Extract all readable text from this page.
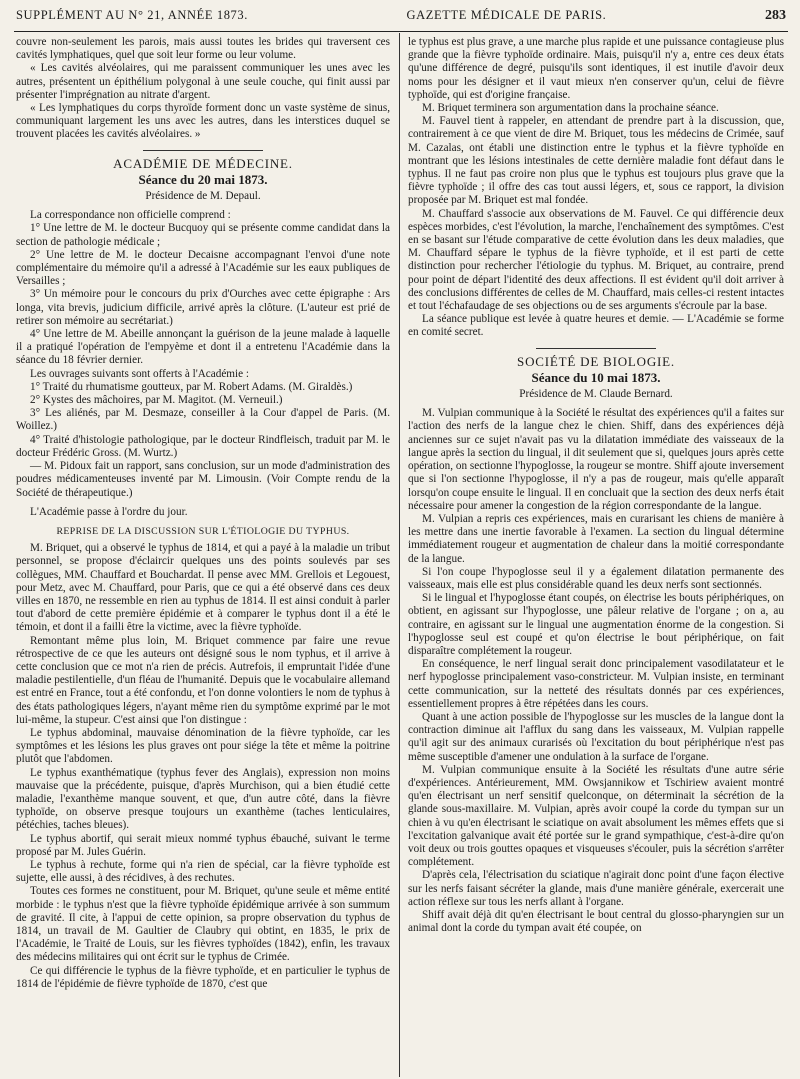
SUPPLÉMENT AU N° 21, ANNÉE 1873.	GAZETTE MÉDICALE DE PARIS.	283

couvre non-seulement les parois, mais aussi toutes les brides qui traversent ces cavités lymphatiques, quel que soit leur forme ou leur volume.

« Les cavités alvéolaires, qui me paraissent communiquer les unes avec les autres, présentent un épithélium polygonal à une seule couche, qui finit aussi par présenter l'imprégnation au nitrate d'argent.

« Les lymphatiques du corps thyroïde forment donc un vaste système de sinus, communiquant largement les uns avec les autres, dans les interstices duquel se trouvent placées les cavités alvéolaires. »

ACADÉMIE DE MÉDECINE.
Séance du 20 mai 1873.
Présidence de M. Depaul.

La correspondance non officielle comprend :

1° Une lettre de M. le docteur Bucquoy qui se présente comme candidat dans la section de pathologie médicale ;

2° Une lettre de M. le docteur Decaisne accompagnant l'envoi d'une note complémentaire du mémoire qu'il a adressé à l'Académie sur les eaux publiques de Versailles ;

3° Un mémoire pour le concours du prix d'Ourches avec cette épigraphe : Ars longa, vita brevis, judicium difficile, arrivé après la clôture. (L'auteur est prié de retirer son mémoire au secrétariat.)

4° Une lettre de M. Abeille annonçant la guérison de la jeune malade à laquelle il a pratiqué l'opération de l'empyème et dont il a entretenu l'Académie dans la séance du 18 février dernier.

Les ouvrages suivants sont offerts à l'Académie :

1° Traité du rhumatisme goutteux, par M. Robert Adams. (M. Giraldès.)

2° Kystes des mâchoires, par M. Magitot. (M. Verneuil.)

3° Les aliénés, par M. Desmaze, conseiller à la Cour d'appel de Paris. (M. Woillez.)

4° Traité d'histologie pathologique, par le docteur Rindfleisch, traduit par M. le docteur Frédéric Gross. (M. Wurtz.)

— M. Pidoux fait un rapport, sans conclusion, sur un mode d'administration des poudres médicamenteuses inventé par M. Limousin. (Voir Compte rendu de la Société de thérapeutique.)

L'Académie passe à l'ordre du jour.

REPRISE DE LA DISCUSSION SUR L'ÉTIOLOGIE DU TYPHUS.

M. Briquet, qui a observé le typhus de 1814, et qui a payé à la maladie un tribut personnel, se propose d'éclaircir quelques uns des points soulevés par ses collègues, MM. Chauffard et Bouchardat. Il pense avec MM. Grellois et Legouest, pour Metz, avec M. Chauffard, pour Paris, que ce qui a été observé dans ces deux villes en 1870, ne ressemble en rien au typhus de 1814. Il est ainsi conduit à parler tout d'abord de cette première épidémie et à comparer le typhus dont il a été le témoin, et dont il a failli être la victime, avec la fièvre typhoïde.

Remontant même plus loin, M. Briquet commence par faire une revue rétrospective de ce que les auteurs ont désigné sous le nom typhus, et il arrive à cette conclusion que ce mot n'a rien de précis. Autrefois, il empruntait l'idée d'une maladie pestilentielle, d'un fléau de l'humanité. Depuis que le vocabulaire allemand est entré en France, tout a été confondu, et l'on donne volontiers le nom de typhus à des états pathologiques légers, n'ayant même rien du symptôme exprimé par le mot lui-même, la stupeur. C'est ainsi que l'on distingue :

Le typhus abdominal, mauvaise dénomination de la fièvre typhoïde, car les symptômes et les lésions les plus graves ont pour siége la tête et même la poitrine plutôt que l'abdomen.

Le typhus exanthématique (typhus fever des Anglais), expression non moins mauvaise que la précédente, puisque, d'après Murchison, qui a bien étudié cette maladie, l'exanthème manque souvent, et que, d'un autre côté, dans la fièvre typhoïde, on observe presque toujours un exanthème (taches lenticulaires, pétéchies, taches bleues).

Le typhus abortif, qui serait mieux nommé typhus ébauché, suivant le terme proposé par M. Jules Guérin.

Le typhus à rechute, forme qui n'a rien de spécial, car la fièvre typhoïde est sujette, elle aussi, à des récidives, à des rechutes.

Toutes ces formes ne constituent, pour M. Briquet, qu'une seule et même entité morbide : le typhus n'est que la fièvre typhoïde épidémique arrivée à son summum de gravité. Il cite, à l'appui de cette opinion, sa propre observation du typhus de 1814, un travail de M. Gaultier de Claubry qui obtint, en 1835, le prix de l'Académie, le Traité de Louis, sur les fièvres typhoïdes (1842), enfin, les travaux des médecins militaires qui ont écrit sur le typhus de Crimée.

Ce qui différencie le typhus de la fièvre typhoïde, et en particulier le typhus de 1814 de l'épidémie de fièvre typhoïde de 1870, c'est que

le typhus est plus grave, a une marche plus rapide et une puissance contagieuse plus grande que la fièvre typhoïde ordinaire. Mais, puisqu'il n'y a, entre ces deux états qu'une différence de degré, puisqu'ils sont identiques, il est inutile d'avoir deux noms pour les désigner et il vaut mieux n'en conserver qu'un, celui de fièvre typhoïde, qui est d'origine française.

M. Briquet terminera son argumentation dans la prochaine séance.

M. Fauvel tient à rappeler, en attendant de prendre part à la discussion, que, contrairement à ce que vient de dire M. Briquet, tous les médecins de Crimée, sauf M. Cazalas, ont établi une distinction entre le typhus et la fièvre typhoïde en montrant que les lésions intestinales de cette dernière maladie font défaut dans le typhus. Il ne faut pas croire non plus que le typhus est toujours plus grave que la fièvre typhoïde ; il offre des cas tout aussi légers, et, sous ce rapport, la division proposée par M. Briquet est mal fondée.

M. Chauffard s'associe aux observations de M. Fauvel. Ce qui différencie deux espèces morbides, c'est l'évolution, la marche, l'enchaînement des symptômes. C'est en se basant sur l'étude comparative de cette évolution dans les deux maladies, que M. Chauffard sépare le typhus de la fièvre typhoïde, et il est parti de cette distinction pour rechercher l'étiologie du typhus. M. Briquet, au contraire, prend pour point de départ l'identité des deux affections. Il est évident qu'il doit arriver à des conclusions différentes de celles de M. Chauffard, mais celles-ci restent intactes et tout l'échafaudage de ses objections ou de ses arguments s'écroule par la base.

La séance publique est levée à quatre heures et demie. — L'Académie se forme en comité secret.

SOCIÉTÉ DE BIOLOGIE.
Séance du 10 mai 1873.
Présidence de M. Claude Bernard.

M. Vulpian communique à la Société le résultat des expériences qu'il a faites sur l'action des nerfs de la langue chez le chien. Shiff, dans des expériences déjà anciennes sur ce sujet n'avait pas vu la dilatation immédiate des vaisseaux de la langue après la section du lingual, il dit seulement que si, quelques jours après cette opération, on sectionne l'hypoglosse, la rougeur se montre. Shiff ajoute inversement que si l'on sectionne l'hypoglosse, il n'y a pas de rougeur, mais qu'elle apparaît lorsqu'on coupe ensuite le lingual. Il en concluait que la section des deux nerfs était nécessaire pour amener la congestion de la région correspondante de la langue.

M. Vulpian a repris ces expériences, mais en curarisant les chiens de manière à les mettre dans une inertie favorable à l'examen. La section du lingual détermine immédiatement rougeur et augmentation de chaleur dans la moitié correspondante de la langue.

Si l'on coupe l'hypoglosse seul il y a également dilatation permanente des vaisseaux, mais elle est plus considérable quand les deux nerfs sont sectionnés.

Si le lingual et l'hypoglosse étant coupés, on électrise les bouts périphériques, on obtient, en agissant sur l'hypoglosse, une pâleur relative de l'organe ; on a, au contraire, en agissant sur le lingual une augmentation énorme de la congestion. Si l'hypoglosse seul est coupé et qu'on électrise le bout périphérique, on fait disparaître complétement la rougeur.

En conséquence, le nerf lingual serait donc principalement vasodilatateur et le nerf hypoglosse principalement vaso-constricteur. M. Vulpian insiste, en terminant cette communication, sur la netteté des résultats donnés par ces expériences, essentiellement propres à être répétées dans les cours.

Quant à une action possible de l'hypoglosse sur les muscles de la langue dont la contraction diminue ait l'afflux du sang dans les vaisseaux, M. Vulpian rappelle qu'il agit sur des animaux curarisés où l'excitation du bout périphérique n'est pas même susceptible d'amener une ondulation à la surface de l'organe.

M. Vulpian communique ensuite à la Société les résultats d'une autre série d'expériences. Antérieurement, MM. Owsjannikow et Tschiriew avaient montré qu'en électrisant un nerf sensitif quelconque, on déterminait la sécrétion de la glande sous-maxillaire. M. Vulpian, après avoir coupé la corde du tympan sur un chien à vu qu'en électrisant le sciatique on avait absolument les mêmes effets que si l'excitation galvanique avait été portée sur le grand sympathique, c'est-à-dire qu'on voit deux ou trois gouttes opaques et visqueuses s'écouler, puis la sécrétion s'arrêter complétement.

D'après cela, l'électrisation du sciatique n'agirait donc point d'une façon élective sur les nerfs faisant sécréter la glande, mais d'une manière générale, exercerait une action réflexe sur tous les nerfs allant à l'organe.

Shiff avait déjà dit qu'en électrisant le bout central du glosso-pharyngien sur un animal dont la corde du tympan avait été coupée, on
